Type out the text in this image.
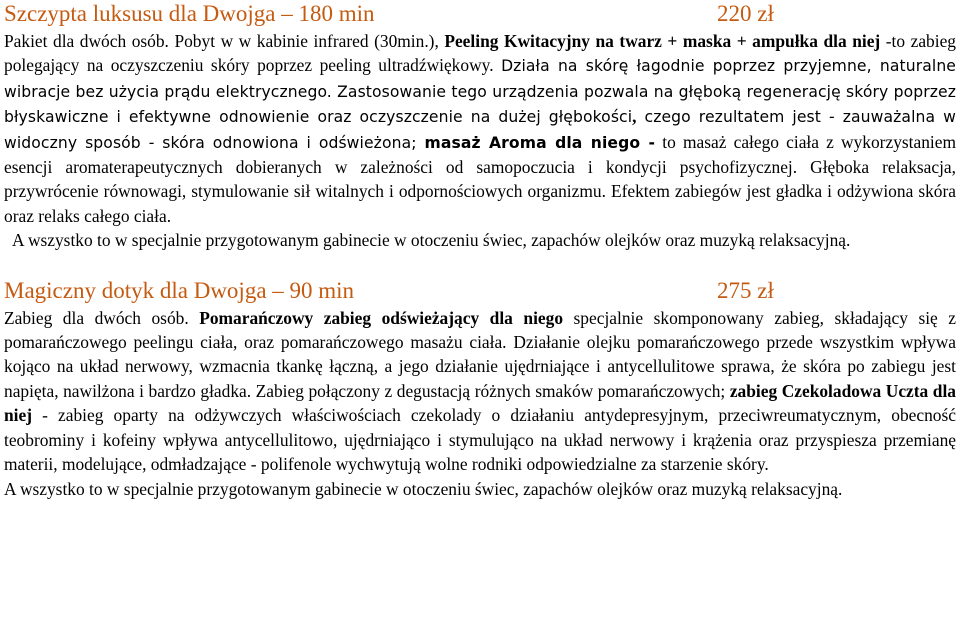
Szczypta luksusu dla Dwojga – 180 min	220 zł

Pakiet dla dwóch osób. Pobyt w w kabinie infrared (30min.), Peeling Kwitacyjny na twarz + maska + ampułka dla niej -to zabieg polegający na oczyszczeniu skóry poprzez peeling ultradźwiękowy. Działa na skórę łagodnie poprzez przyjemne, naturalne wibracje bez użycia prądu elektrycznego. Zastosowanie tego urządzenia pozwala na głęboką regenerację skóry poprzez błyskawiczne i efektywne odnowienie oraz oczyszczenie na dużej głębokości, czego rezultatem jest - zauważalna w widoczny sposób - skóra odnowiona i odświeżona; masaż Aroma dla niego - to masaż całego ciała z wykorzystaniem esencji aromaterapeutycznych dobieranych w zależności od samopoczucia i kondycji psychofizycznej. Głęboka relaksacja, przywrócenie równowagi, stymulowanie sił witalnych i odpornościowych organizmu. Efektem zabiegów jest gładka i odżywiona skóra oraz relaks całego ciała.

A wszystko to w specjalnie przygotowanym gabinecie w otoczeniu świec, zapachów olejków oraz muzyką relaksacyjną.

Magiczny dotyk dla Dwojga – 90 min	275 zł

Zabieg dla dwóch osób. Pomarańczowy zabieg odświeżający dla niego specjalnie skomponowany zabieg, składający się z pomarańczowego peelingu ciała, oraz pomarańczowego masażu ciała. Działanie olejku pomarańczowego przede wszystkim wpływa kojąco na układ nerwowy, wzmacnia tkankę łączną, a jego działanie ujędrniające i antycellulitowe sprawa, że skóra po zabiegu jest napięta, nawilżona i bardzo gładka. Zabieg połączony z degustacją różnych smaków pomarańczowych; zabieg Czekoladowa Uczta dla niej - zabieg oparty na odżywczych właściwościach czekolady o działaniu antydepresyjnym, przeciwreumatycznym, obecność teobrominy i kofeiny wpływa antycellulitowo, ujędrniająco i stymulująco na układ nerwowy i krążenia oraz przyspiesza przemianę materii, modelujące, odmładzające - polifenole wychwytują wolne rodniki odpowiedzialne za starzenie skóry.

A wszystko to w specjalnie przygotowanym gabinecie w otoczeniu świec, zapachów olejków oraz muzyką relaksacyjną.
